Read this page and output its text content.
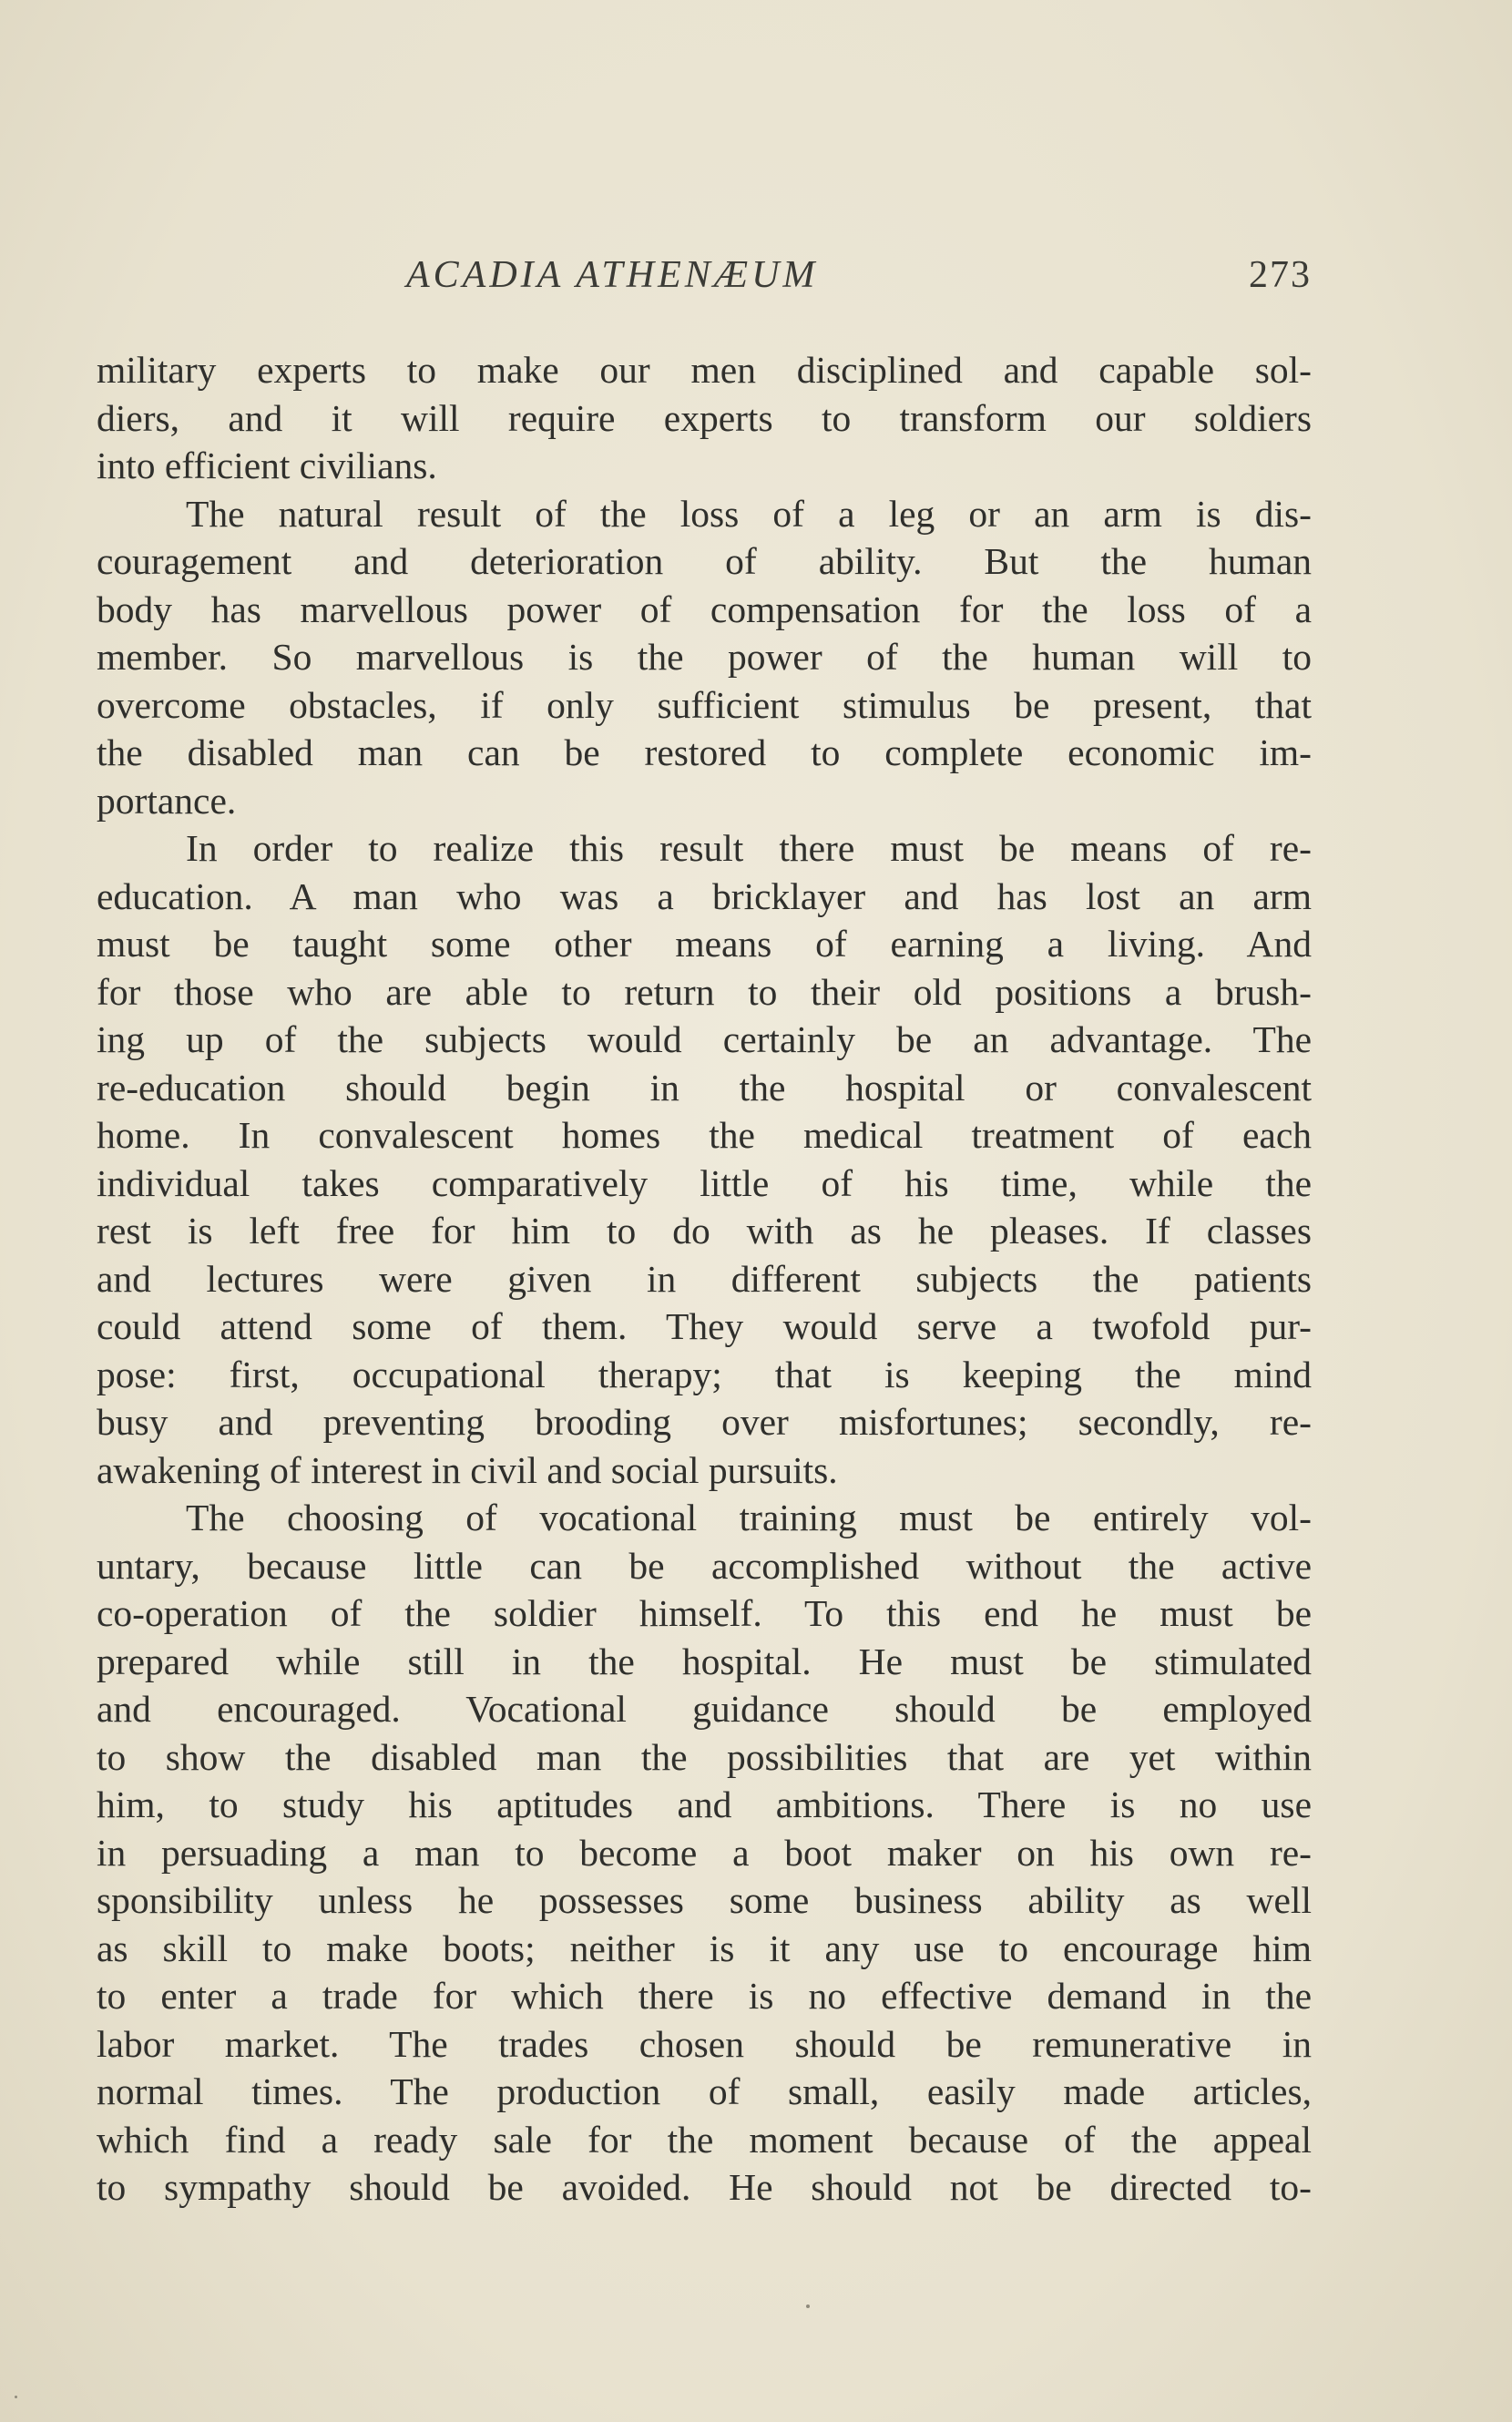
ACADIA ATHENÆUM	273
military experts to make our men disciplined and capable sol-
diers, and it will require experts to transform our soldiers
into efficient civilians.
The natural result of the loss of a leg or an arm is dis-
couragement and deterioration of ability. But the human
body has marvellous power of compensation for the loss of a
member. So marvellous is the power of the human will to
overcome obstacles, if only sufficient stimulus be present, that
the disabled man can be restored to complete economic im-
portance.
In order to realize this result there must be means of re-
education. A man who was a bricklayer and has lost an arm
must be taught some other means of earning a living. And
for those who are able to return to their old positions a brush-
ing up of the subjects would certainly be an advantage. The
re-education should begin in the hospital or convalescent
home. In convalescent homes the medical treatment of each
individual takes comparatively little of his time, while the
rest is left free for him to do with as he pleases. If classes
and lectures were given in different subjects the patients
could attend some of them. They would serve a twofold pur-
pose: first, occupational therapy; that is keeping the mind
busy and preventing brooding over misfortunes; secondly, re-
awakening of interest in civil and social pursuits.
The choosing of vocational training must be entirely vol-
untary, because little can be accomplished without the active
co-operation of the soldier himself. To this end he must be
prepared while still in the hospital. He must be stimulated
and encouraged. Vocational guidance should be employed
to show the disabled man the possibilities that are yet within
him, to study his aptitudes and ambitions. There is no use
in persuading a man to become a boot maker on his own re-
sponsibility unless he possesses some business ability as well
as skill to make boots; neither is it any use to encourage him
to enter a trade for which there is no effective demand in the
labor market. The trades chosen should be remunerative in
normal times. The production of small, easily made articles,
which find a ready sale for the moment because of the appeal
to sympathy should be avoided. He should not be directed to-
